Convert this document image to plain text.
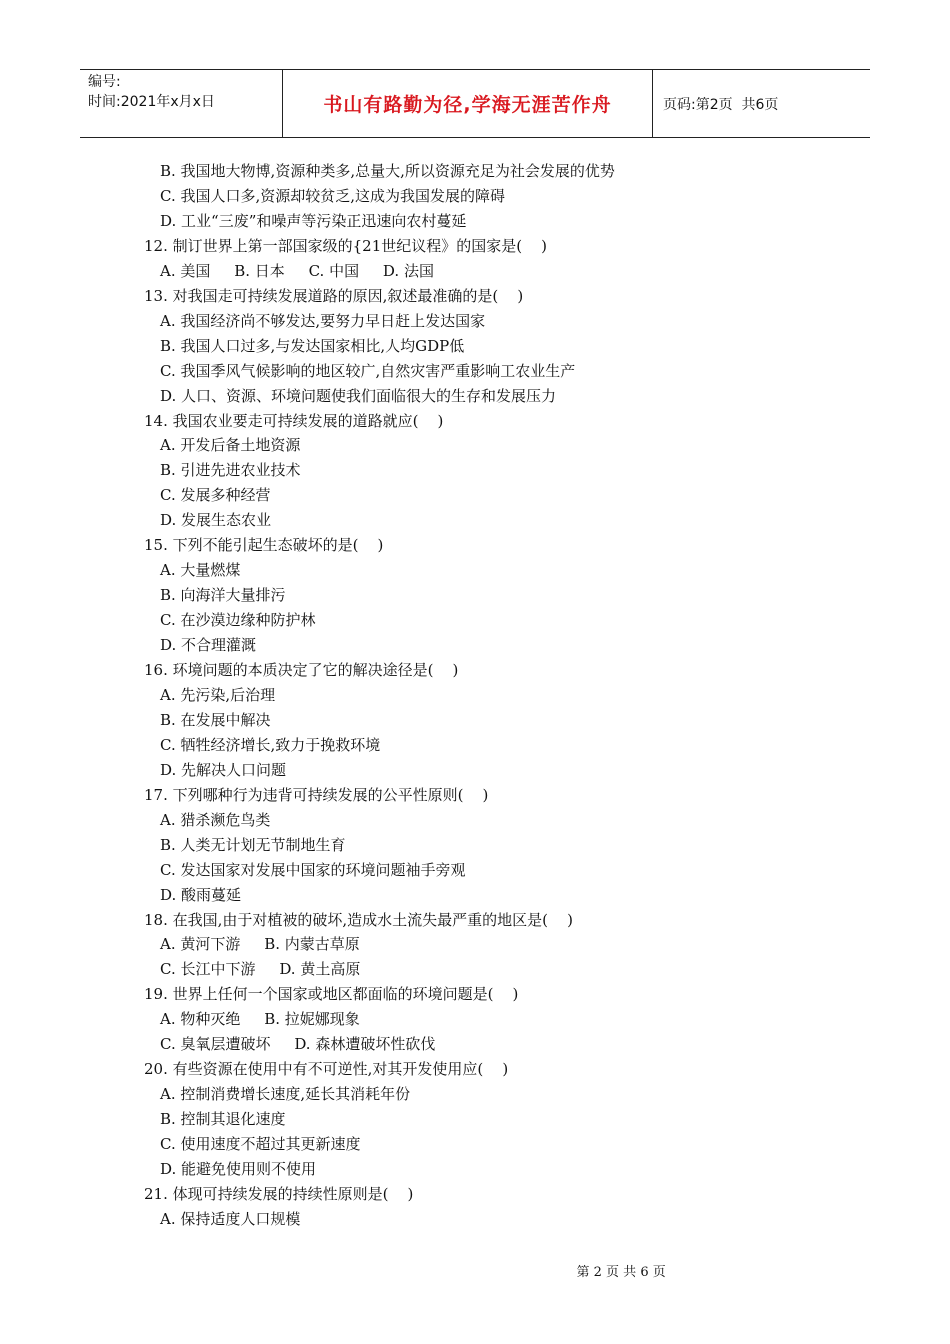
编号:
时间:2021年x月x日	书山有路勤为径,学海无涯苦作舟	页码:第2页  共6页
B. 我国地大物博,资源种类多,总量大,所以资源充足为社会发展的优势
C. 我国人口多,资源却较贫乏,这成为我国发展的障碍
D. 工业“三废”和噪声等污染正迅速向农村蔓延
12. 制订世界上第一部国家级的{21世纪议程》的国家是(    )
A. 美国     B. 日本     C. 中国     D. 法国
13. 对我国走可持续发展道路的原因,叙述最准确的是(    )
A. 我国经济尚不够发达,要努力早日赶上发达国家
B. 我国人口过多,与发达国家相比,人均GDP低
C. 我国季风气候影响的地区较广,自然灾害严重影响工农业生产
D. 人口、资源、环境问题使我们面临很大的生存和发展压力
14. 我国农业要走可持续发展的道路就应(    )
A. 开发后备土地资源
B. 引进先进农业技术
C. 发展多种经营
D. 发展生态农业
15. 下列不能引起生态破坏的是(    )
A. 大量燃煤
B. 向海洋大量排污
C. 在沙漠边缘种防护林
D. 不合理灌溉
16. 环境问题的本质决定了它的解决途径是(    )
A. 先污染,后治理
B. 在发展中解决
C. 牺牲经济增长,致力于挽救环境
D. 先解决人口问题
17. 下列哪种行为违背可持续发展的公平性原则(    )
A. 猎杀濒危鸟类
B. 人类无计划无节制地生育
C. 发达国家对发展中国家的环境问题袖手旁观
D. 酸雨蔓延
18. 在我国,由于对植被的破坏,造成水土流失最严重的地区是(    )
A. 黄河下游     B. 内蒙古草原
C. 长江中下游     D. 黄土高原
19. 世界上任何一个国家或地区都面临的环境问题是(    )
A. 物种灭绝     B. 拉妮娜现象
C. 臭氧层遭破坏     D. 森林遭破坏性砍伐
20. 有些资源在使用中有不可逆性,对其开发使用应(    )
A. 控制消费增长速度,延长其消耗年份
B. 控制其退化速度
C. 使用速度不超过其更新速度
D. 能避免使用则不使用
21. 体现可持续发展的持续性原则是(    )
A. 保持适度人口规模

第 2 页 共 6 页
